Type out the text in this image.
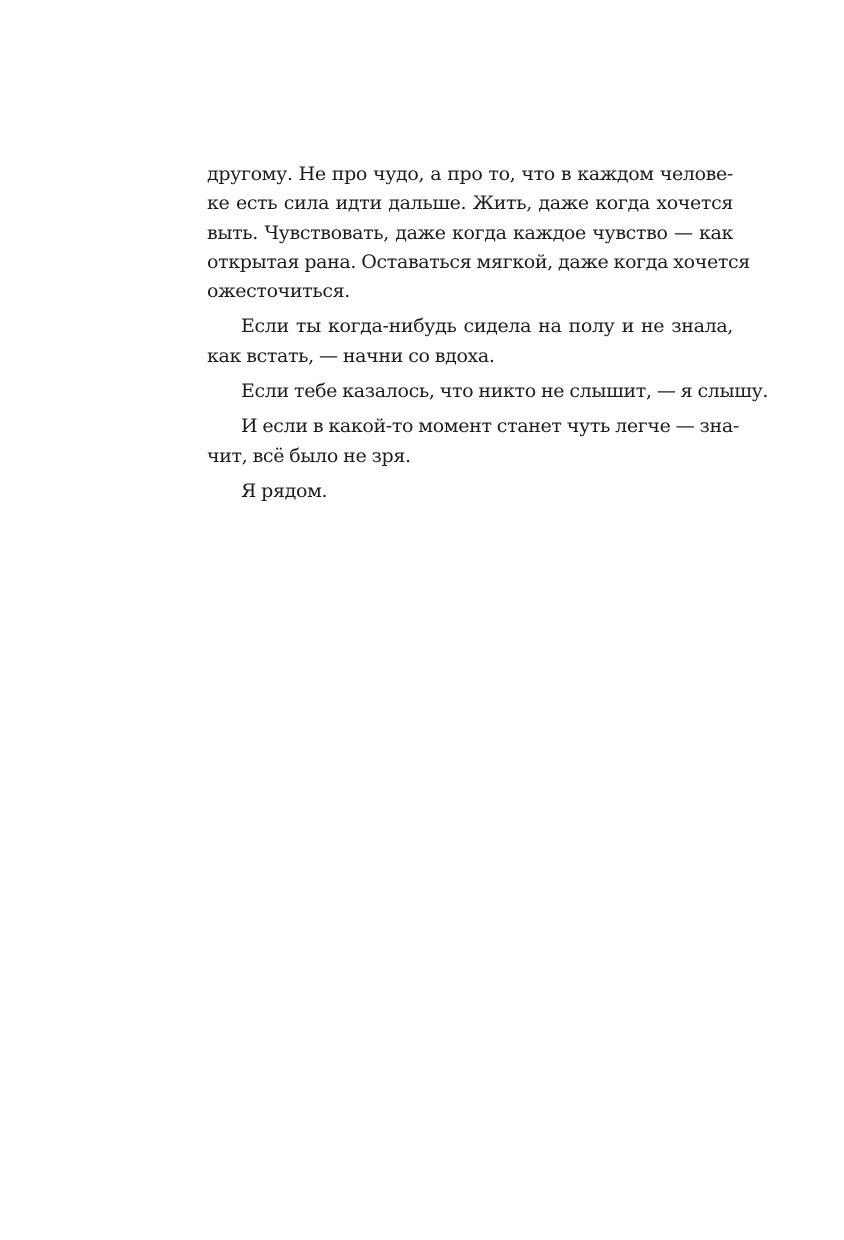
другому. Не про чудо, а про то, что в каждом челове-
ке есть сила идти дальше. Жить, даже когда хочется
выть. Чувствовать, даже когда каждое чувство — как
открытая рана. Оставаться мягкой, даже когда хочется
ожесточиться.
Если ты когда-нибудь сидела на полу и не знала,
как встать, — начни со вдоха.
Если тебе казалось, что никто не слышит, — я слышу.
И если в какой-то момент станет чуть легче — зна-
чит, всё было не зря.
Я рядом.
